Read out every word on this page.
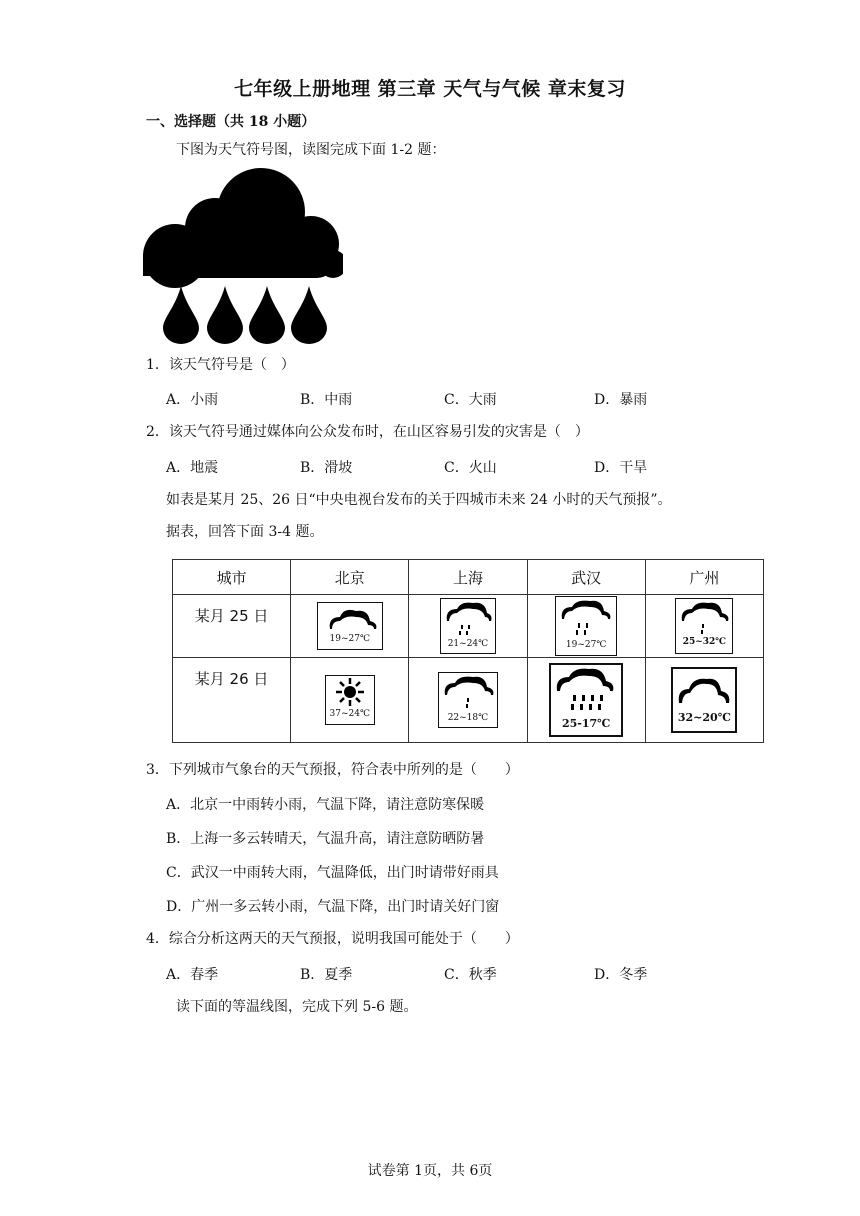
七年级上册地理 第三章 天气与气候 章末复习
一、选择题（共 18 小题）
下图为天气符号图，读图完成下面 1-2 题：
1．该天气符号是（　）
A．小雨	B．中雨	C．大雨	D．暴雨
2．该天气符号通过媒体向公众发布时，在山区容易引发的灾害是（　）
A．地震	B．滑坡	C．火山	D．干旱
如表是某月 25、26 日“中央电视台发布的关于四城市未来 24 小时的天气预报”。
据表，回答下面 3-4 题。
城市	北京	上海	武汉	广州
某月 25 日	19~27℃	21~24℃	19~27℃	25~32℃

某月 26 日	37~24℃	22~18℃	25-17℃	32~20℃
3．下列城市气象台的天气预报，符合表中所列的是（　　）
A．北京一中雨转小雨，气温下降，请注意防寒保暖
B．上海一多云转晴天，气温升高，请注意防晒防暑
C．武汉一中雨转大雨，气温降低，出门时请带好雨具
D．广州一多云转小雨，气温下降，出门时请关好门窗
4．综合分析这两天的天气预报，说明我国可能处于（　　）
A．春季	B．夏季	C．秋季	D．冬季
读下面的等温线图，完成下列 5-6 题。
试卷第 1页，共 6页
